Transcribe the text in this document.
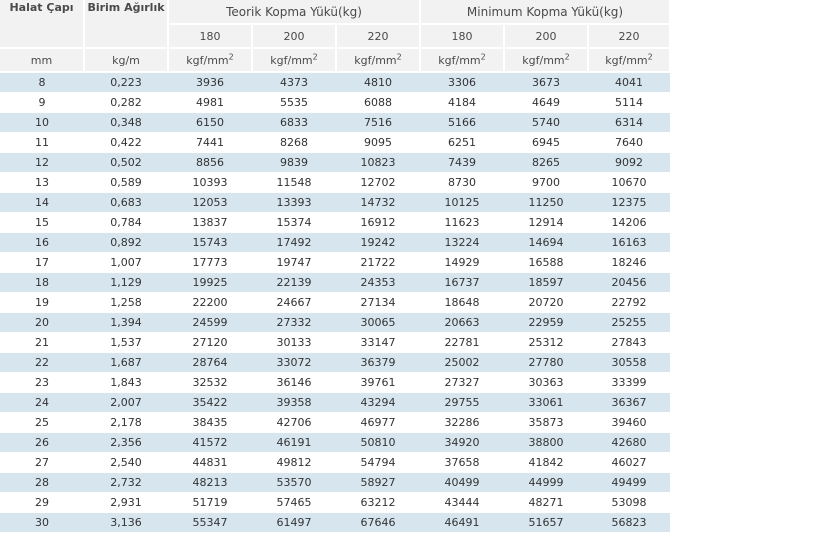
Halat Çapı	Birim Ağırlık	Teorik Kopma Yükü(kg)			Minimum Kopma Yükü(kg)		
		180	200	220	180	200	220
mm	kg/m	kgf/$mm^2$	kgf/$mm^2$	kgf/$mm^2$	kgf/$mm^2$	kgf/$mm^2$	kgf/$mm^2$
8	0,223	3936	4373	4810	3306	3673	4041
9	0,282	4981	5535	6088	4184	4649	5114
10	0,348	6150	6833	7516	5166	5740	6314
11	0,422	7441	8268	9095	6251	6945	7640
12	0,502	8856	9839	10823	7439	8265	9092
13	0,589	10393	11548	12702	8730	9700	10670
14	0,683	12053	13393	14732	10125	11250	12375
15	0,784	13837	15374	16912	11623	12914	14206
16	0,892	15743	17492	19242	13224	14694	16163
17	1,007	17773	19747	21722	14929	16588	18246
18	1,129	19925	22139	24353	16737	18597	20456
19	1,258	22200	24667	27134	18648	20720	22792
20	1,394	24599	27332	30065	20663	22959	25255
21	1,537	27120	30133	33147	22781	25312	27843
22	1,687	28764	33072	36379	25002	27780	30558
23	1,843	32532	36146	39761	27327	30363	33399
24	2,007	35422	39358	43294	29755	33061	36367
25	2,178	38435	42706	46977	32286	35873	39460
26	2,356	41572	46191	50810	34920	38800	42680
27	2,540	44831	49812	54794	37658	41842	46027
28	2,732	48213	53570	58927	40499	44999	49499
29	2,931	51719	57465	63212	43444	48271	53098
30	3,136	55347	61497	67646	46491	51657	56823
